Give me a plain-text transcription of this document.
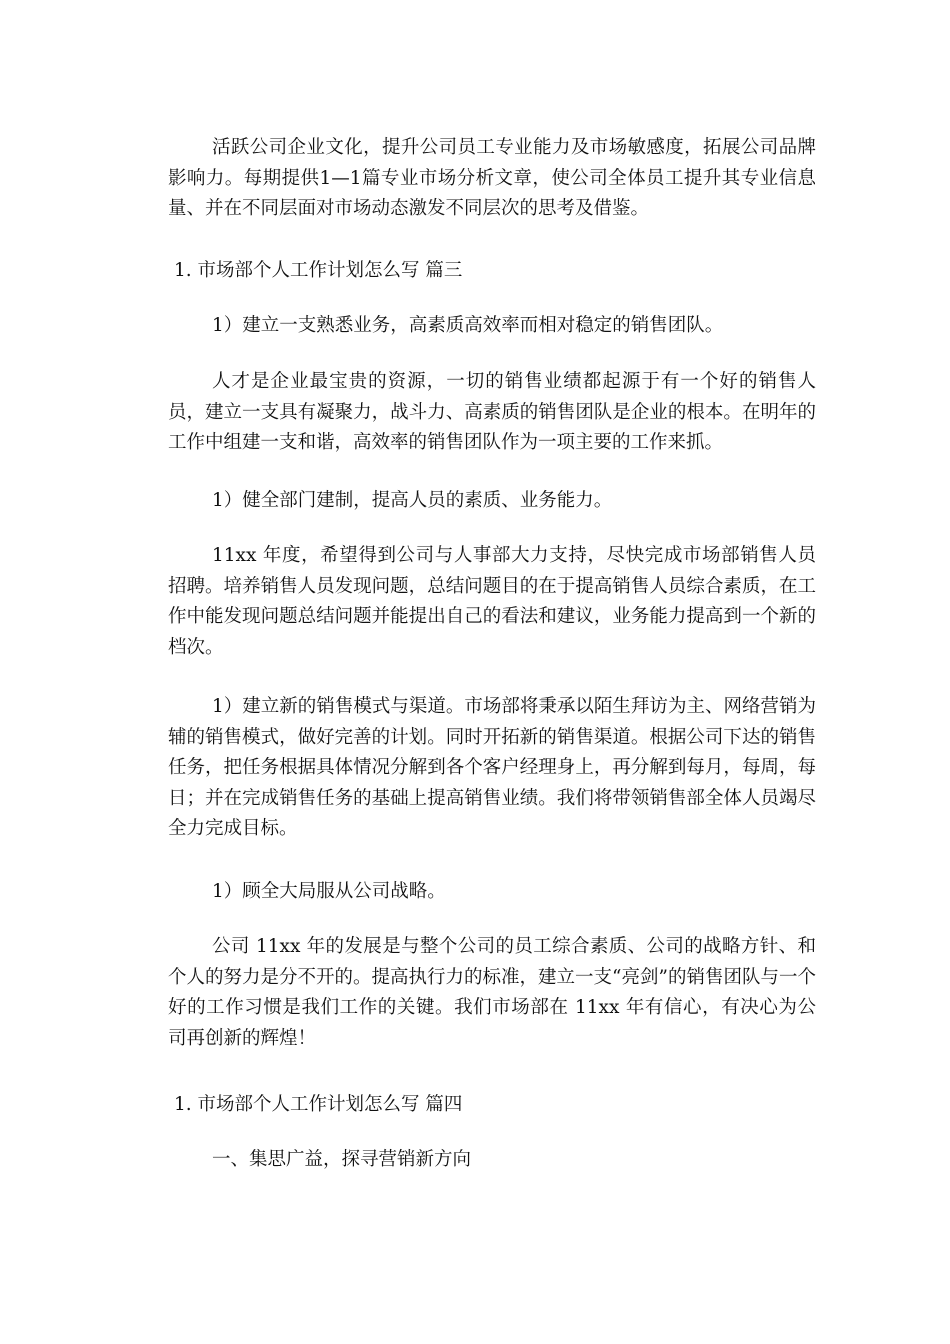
活跃公司企业文化，提升公司员工专业能力及市场敏感度，拓展公司品牌影响力。每期提供1—1篇专业市场分析文章，使公司全体员工提升其专业信息量、并在不同层面对市场动态激发不同层次的思考及借鉴。

1. 市场部个人工作计划怎么写 篇三

1）建立一支熟悉业务，高素质高效率而相对稳定的销售团队。

人才是企业最宝贵的资源，一切的销售业绩都起源于有一个好的销售人员，建立一支具有凝聚力，战斗力、高素质的销售团队是企业的根本。在明年的工作中组建一支和谐，高效率的销售团队作为一项主要的工作来抓。

1）健全部门建制，提高人员的素质、业务能力。

11xx 年度，希望得到公司与人事部大力支持，尽快完成市场部销售人员招聘。培养销售人员发现问题，总结问题目的在于提高销售人员综合素质，在工作中能发现问题总结问题并能提出自己的看法和建议，业务能力提高到一个新的档次。

1）建立新的销售模式与渠道。市场部将秉承以陌生拜访为主、网络营销为辅的销售模式，做好完善的计划。同时开拓新的销售渠道。根据公司下达的销售任务，把任务根据具体情况分解到各个客户经理身上，再分解到每月，每周，每日；并在完成销售任务的基础上提高销售业绩。我们将带领销售部全体人员竭尽全力完成目标。

1）顾全大局服从公司战略。

公司 11xx 年的发展是与整个公司的员工综合素质、公司的战略方针、和个人的努力是分不开的。提高执行力的标准，建立一支“亮剑”的销售团队与一个好的工作习惯是我们工作的关键。我们市场部在 11xx 年有信心，有决心为公司再创新的辉煌！

1. 市场部个人工作计划怎么写 篇四

一、集思广益，探寻营销新方向
